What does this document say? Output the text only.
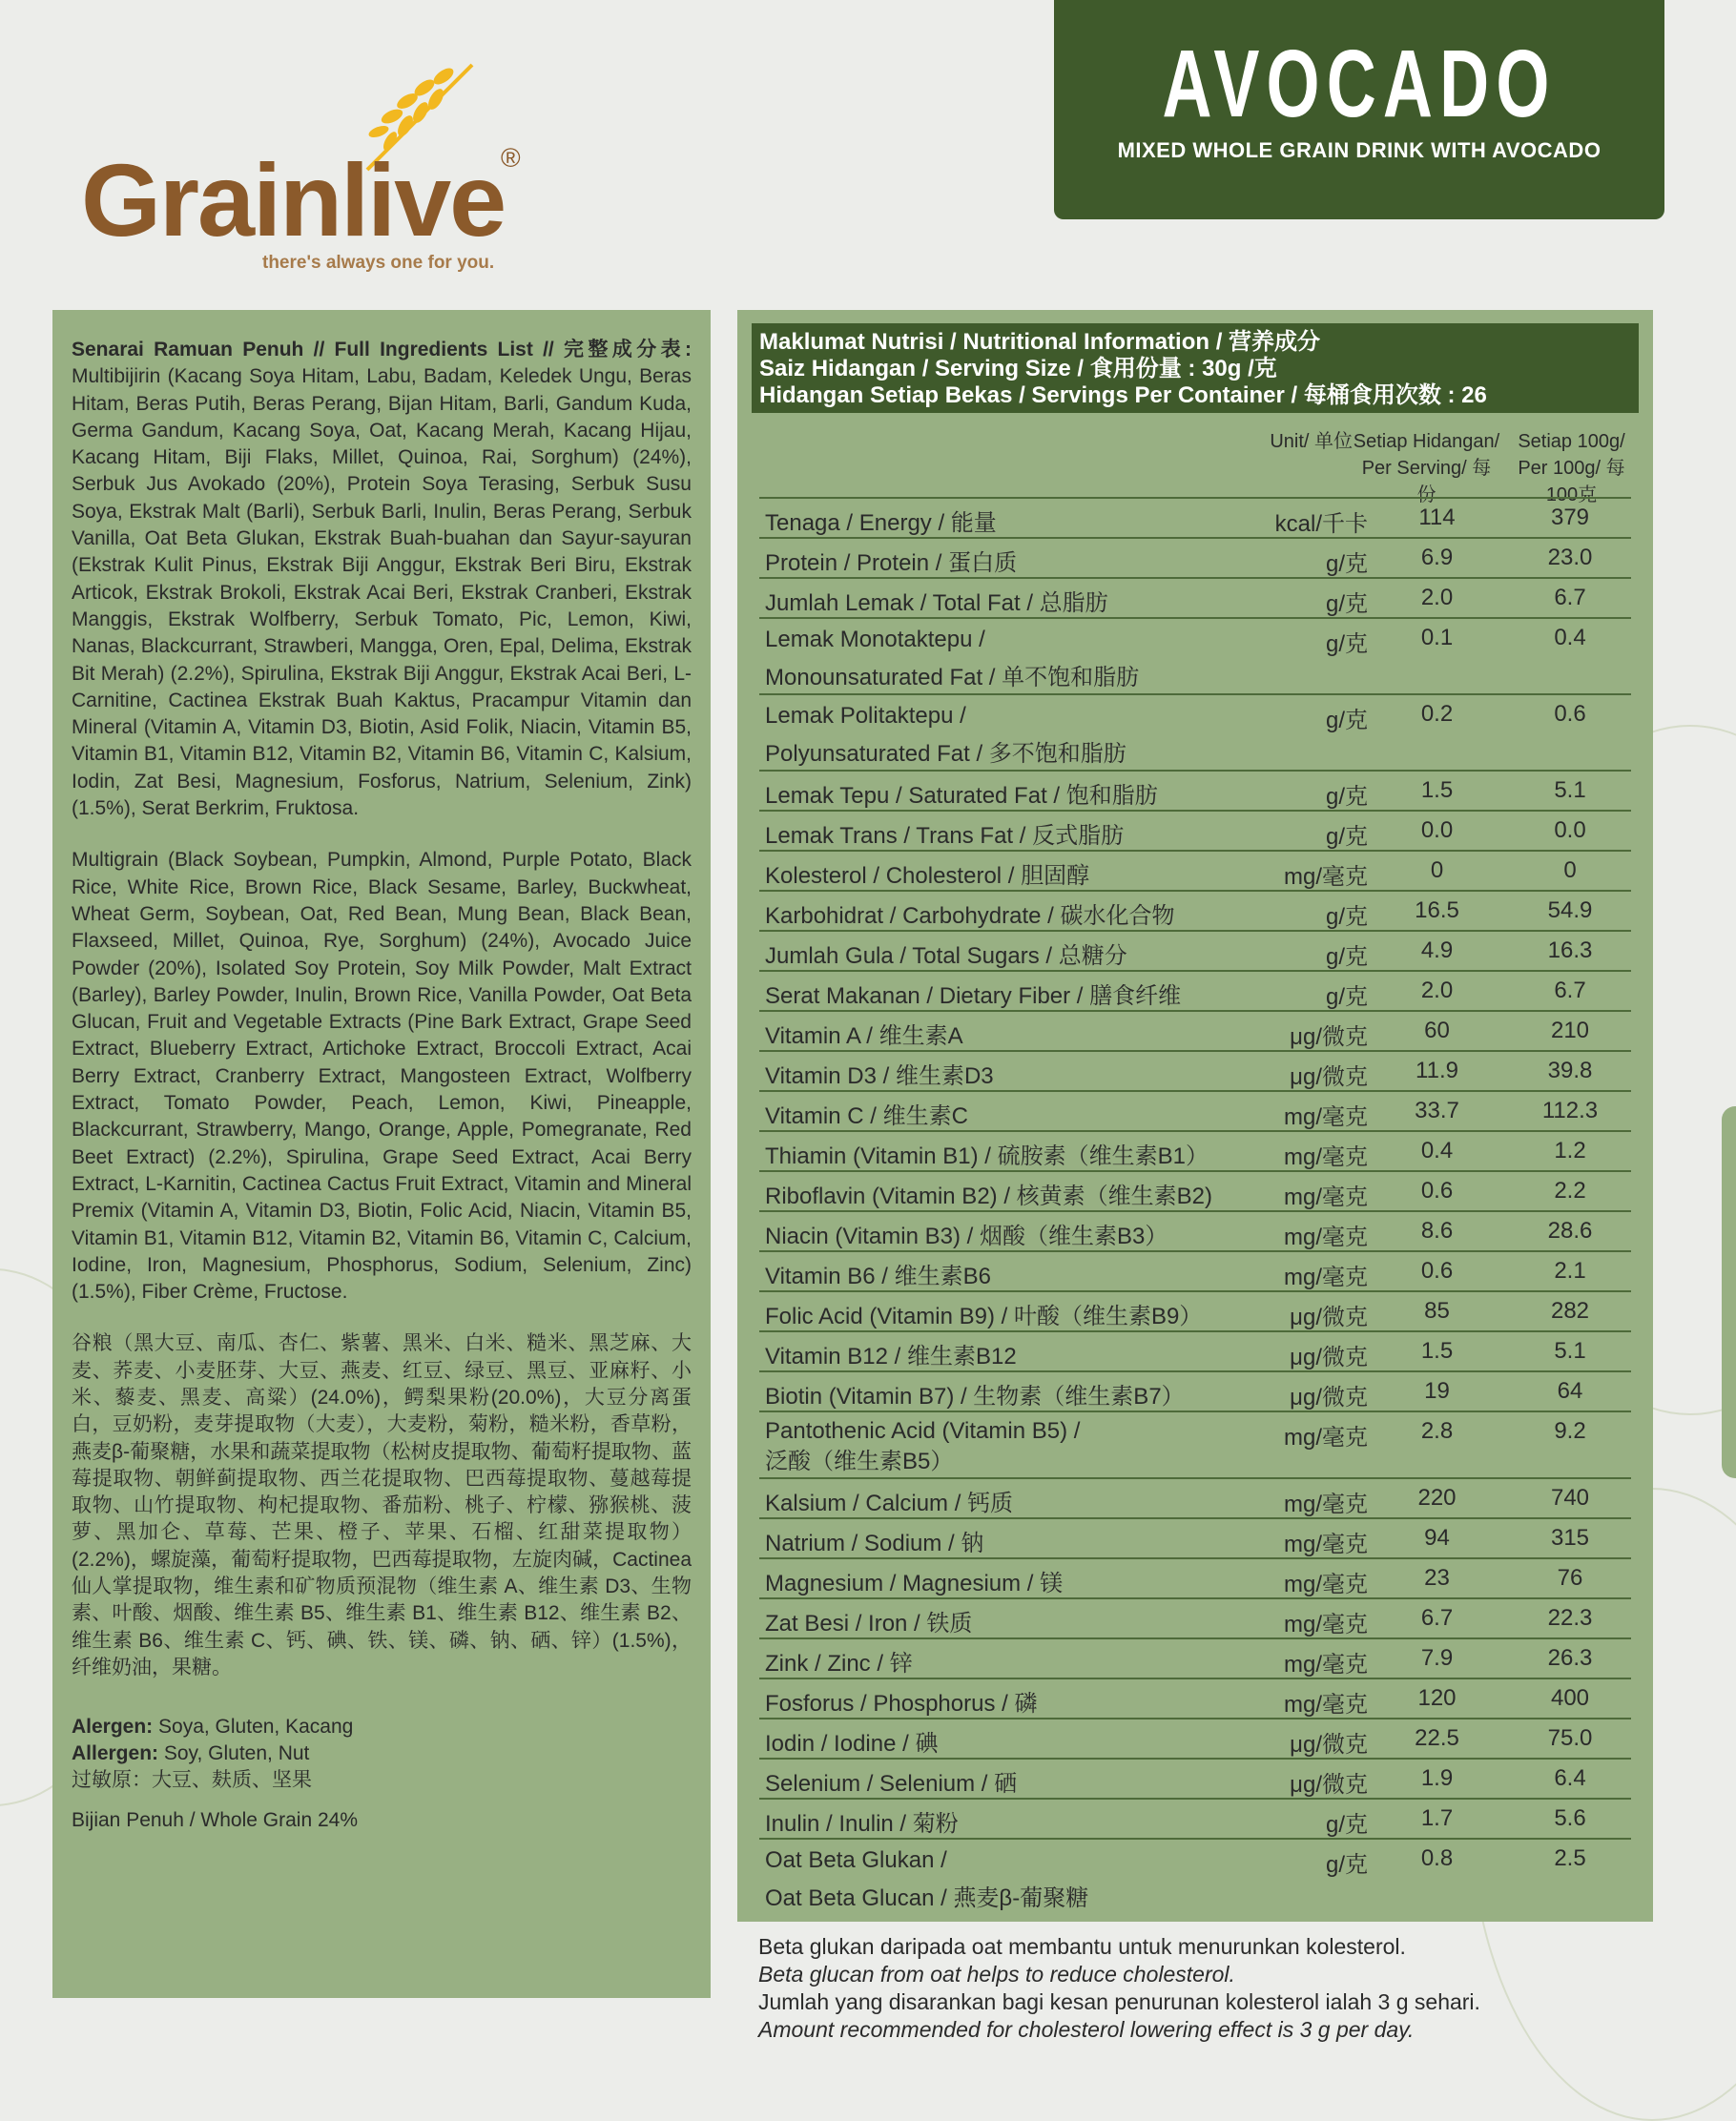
Grainlive
®
there's always one for you.
AVOCADO
MIXED WHOLE GRAIN DRINK WITH AVOCADO

Senarai Ramuan Penuh // Full Ingredients List // 完整成分表: Multibijirin (Kacang Soya Hitam, Labu, Badam, Keledek Ungu, Beras Hitam, Beras Putih, Beras Perang, Bijan Hitam, Barli, Gandum Kuda, Germa Gandum, Kacang Soya, Oat, Kacang Merah, Kacang Hijau, Kacang Hitam, Biji Flaks, Millet, Quinoa, Rai, Sorghum) (24%), Serbuk Jus Avokado (20%), Protein Soya Terasing, Serbuk Susu Soya, Ekstrak Malt (Barli), Serbuk Barli, Inulin, Beras Perang, Serbuk Vanilla, Oat Beta Glukan, Ekstrak Buah-buahan dan Sayur-sayuran (Ekstrak Kulit Pinus, Ekstrak Biji Anggur, Ekstrak Beri Biru, Ekstrak Articok, Ekstrak Brokoli, Ekstrak Acai Beri, Ekstrak Cranberi, Ekstrak Manggis, Ekstrak Wolfberry, Serbuk Tomato, Pic, Lemon, Kiwi, Nanas, Blackcurrant, Strawberi, Mangga, Oren, Epal, Delima, Ekstrak Bit Merah) (2.2%), Spirulina, Ekstrak Biji Anggur, Ekstrak Acai Beri, L-Carnitine, Cactinea Ekstrak Buah Kaktus, Pracampur Vitamin dan Mineral (Vitamin A, Vitamin D3, Biotin, Asid Folik, Niacin, Vitamin B5, Vitamin B1, Vitamin B12, Vitamin B2, Vitamin B6, Vitamin C, Kalsium, Iodin, Zat Besi, Magnesium, Fosforus, Natrium, Selenium, Zink) (1.5%), Serat Berkrim, Fruktosa.

Multigrain (Black Soybean, Pumpkin, Almond, Purple Potato, Black Rice, White Rice, Brown Rice, Black Sesame, Barley, Buckwheat, Wheat Germ, Soybean, Oat, Red Bean, Mung Bean, Black Bean, Flaxseed, Millet, Quinoa, Rye, Sorghum) (24%), Avocado Juice Powder (20%), Isolated Soy Protein, Soy Milk Powder, Malt Extract (Barley), Barley Powder, Inulin, Brown Rice, Vanilla Powder, Oat Beta Glucan, Fruit and Vegetable Extracts (Pine Bark Extract, Grape Seed Extract, Blueberry Extract, Artichoke Extract, Broccoli Extract, Acai Berry Extract, Cranberry Extract, Mangosteen Extract, Wolfberry Extract, Tomato Powder, Peach, Lemon, Kiwi, Pineapple, Blackcurrant, Strawberry, Mango, Orange, Apple, Pomegranate, Red Beet Extract) (2.2%), Spirulina, Grape Seed Extract, Acai Berry Extract, L-Karnitin, Cactinea Cactus Fruit Extract, Vitamin and Mineral Premix (Vitamin A, Vitamin D3, Biotin, Folic Acid, Niacin, Vitamin B5, Vitamin B1, Vitamin B12, Vitamin B2, Vitamin B6, Vitamin C, Calcium, Iodine, Iron, Magnesium, Phosphorus, Sodium, Selenium, Zinc) (1.5%), Fiber Crème, Fructose.

谷粮（黑大豆、南瓜、杏仁、紫薯、黑米、白米、糙米、黑芝麻、大麦、荞麦、小麦胚芽、大豆、燕麦、红豆、绿豆、黑豆、亚麻籽、小米、藜麦、黑麦、高粱）(24.0%)，鳄梨果粉(20.0%)，大豆分离蛋白，豆奶粉，麦芽提取物（大麦），大麦粉，菊粉，糙米粉，香草粉，燕麦β-葡聚糖，水果和蔬菜提取物（松树皮提取物、葡萄籽提取物、蓝莓提取物、朝鲜蓟提取物、西兰花提取物、巴西莓提取物、蔓越莓提取物、山竹提取物、枸杞提取物、番茄粉、桃子、柠檬、猕猴桃、菠萝、黑加仑、草莓、芒果、橙子、苹果、石榴、红甜菜提取物）(2.2%)，螺旋藻，葡萄籽提取物，巴西莓提取物，左旋肉碱，Cactinea 仙人掌提取物，维生素和矿物质预混物（维生素 A、维生素 D3、生物素、叶酸、烟酸、维生素 B5、维生素 B1、维生素 B12、维生素 B2、维生素 B6、维生素 C、钙、碘、铁、镁、磷、钠、硒、锌）(1.5%)，纤维奶油，果糖。

Alergen: Soya, Gluten, Kacang
Allergen: Soy, Gluten, Nut
过敏原：大豆、麸质、坚果
Bijian Penuh / Whole Grain 24%
Maklumat Nutrisi / Nutritional Information / 营养成分
Saiz Hidangan / Serving Size / 食用份量 : 30g /克
Hidangan Setiap Bekas / Servings Per Container / 每桶食用次数 : 26
Unit/ 单位 Setiap Hidangan/ Per Serving/ 每份
Setiap 100g/ Per 100g/ 每100克
Tenaga / Energy / 能量	kcal/千卡	114	379
Protein / Protein / 蛋白质	g/克	6.9	23.0
Jumlah Lemak / Total Fat / 总脂肪	g/克	2.0	6.7
Lemak Monotaktepu /
Monounsaturated Fat / 单不饱和脂肪
g/克	0.1	0.4
Lemak Politaktepu /
Polyunsaturated Fat / 多不饱和脂肪
g/克	0.2	0.6
Lemak Tepu / Saturated Fat / 饱和脂肪	g/克	1.5	5.1
Lemak Trans / Trans Fat / 反式脂肪	g/克	0.0	0.0
Kolesterol / Cholesterol / 胆固醇	mg/毫克	0	0
Karbohidrat / Carbohydrate / 碳水化合物	g/克	16.5	54.9
Jumlah Gula / Total Sugars / 总糖分	g/克	4.9	16.3
Serat Makanan / Dietary Fiber / 膳食纤维	g/克	2.0	6.7
Vitamin A / 维生素A	μg/微克	60	210
Vitamin D3 / 维生素D3	μg/微克	11.9	39.8
Vitamin C / 维生素C	mg/毫克	33.7	112.3
Thiamin (Vitamin B1) / 硫胺素（维生素B1）	mg/毫克	0.4	1.2
Riboflavin (Vitamin B2) / 核黄素（维生素B2)	mg/毫克	0.6	2.2
Niacin (Vitamin B3) / 烟酸（维生素B3）	mg/毫克	8.6	28.6
Vitamin B6 / 维生素B6	mg/毫克	0.6	2.1
Folic Acid (Vitamin B9) / 叶酸（维生素B9）	μg/微克	85	282
Vitamin B12 / 维生素B12	μg/微克	1.5	5.1
Biotin (Vitamin B7) / 生物素（维生素B7）	μg/微克	19	64
Pantothenic Acid (Vitamin B5) /
泛酸（维生素B5）
mg/毫克	2.8	9.2
Kalsium / Calcium / 钙质	mg/毫克	220	740
Natrium / Sodium / 钠	mg/毫克	94	315
Magnesium / Magnesium / 镁	mg/毫克	23	76
Zat Besi / Iron / 铁质	mg/毫克	6.7	22.3
Zink / Zinc / 锌	mg/毫克	7.9	26.3
Fosforus / Phosphorus / 磷	mg/毫克	120	400
Iodin / Iodine / 碘	μg/微克	22.5	75.0
Selenium / Selenium / 硒	μg/微克	1.9	6.4
Inulin / Inulin / 菊粉	g/克	1.7	5.6
Oat Beta Glukan /
Oat Beta Glucan / 燕麦β-葡聚糖
g/克	0.8	2.5
Beta glukan daripada oat membantu untuk menurunkan kolesterol.
Beta glucan from oat helps to reduce cholesterol.
Jumlah yang disarankan bagi kesan penurunan kolesterol ialah 3 g sehari.
Amount recommended for cholesterol lowering effect is 3 g per day.
